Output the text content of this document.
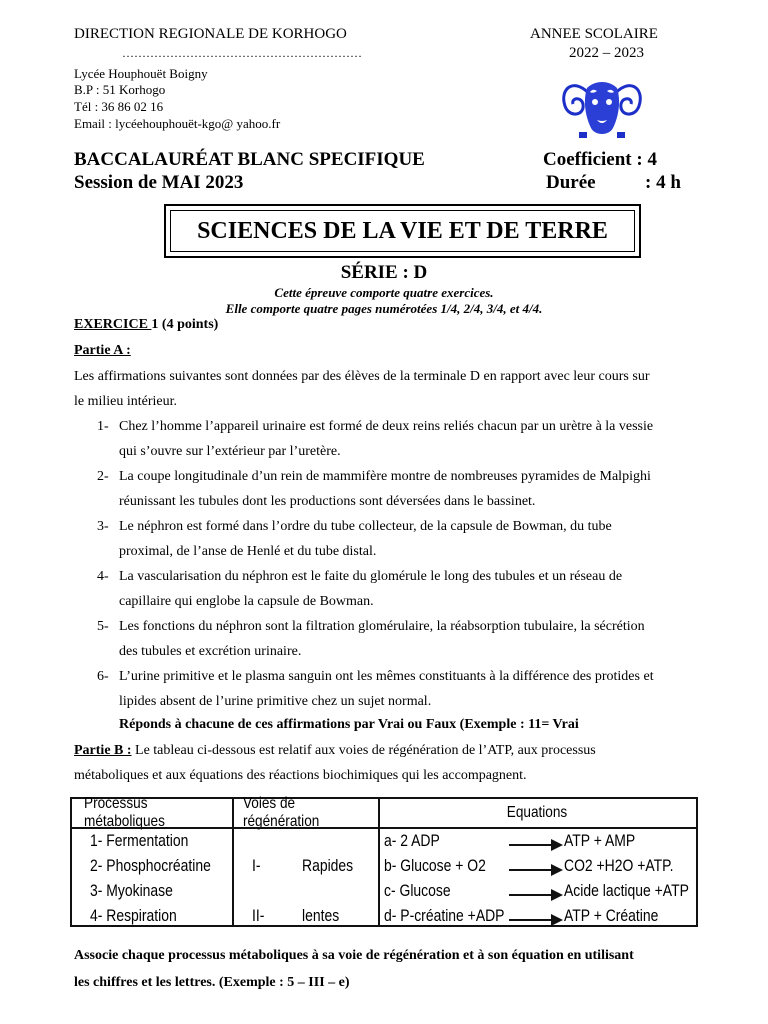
DIRECTION REGIONALE DE KORHOGO
……………………………………………………
ANNEE SCOLAIRE
2022 – 2023
Lycée Houphouët Boigny
B.P : 51 Korhogo
Tél : 36 86 02 16
Email : lycéehouphouët-kgo@ yahoo.fr
BACCALAURÉAT BLANC SPECIFIQUE
Session de MAI 2023
Coefficient : 4
Durée	: 4 h
SCIENCES DE LA VIE ET DE TERRE
SÉRIE : D
Cette épreuve comporte quatre exercices.
Elle comporte quatre pages numérotées 1/4, 2/4, 3/4, et 4/4.
EXERCICE 1 (4 points)
Partie A :
Les affirmations suivantes sont données par des élèves de la terminale D en rapport avec leur cours sur
le milieu intérieur.
1- Chez l’homme l’appareil urinaire est formé de deux reins reliés chacun par un urètre à la vessie
qui s’ouvre sur l’extérieur par l’uretère.
2- La coupe longitudinale d’un rein de mammifère montre de nombreuses pyramides de Malpighi
réunissant les tubules dont les productions sont déversées dans le bassinet.
3- Le néphron est formé dans l’ordre du tube collecteur, de la capsule de Bowman, du tube
proximal, de l’anse de Henlé et du tube distal.
4- La vascularisation du néphron est le faite du glomérule le long des tubules et un réseau de
capillaire qui englobe la capsule de Bowman.
5- Les fonctions du néphron sont la filtration glomérulaire, la réabsorption tubulaire, la sécrétion
des tubules et excrétion urinaire.
6- L’urine primitive et le plasma sanguin ont les mêmes constituants à la différence des protides et
lipides absent de l’urine primitive chez un sujet normal.
Réponds à chacune de ces affirmations par Vrai ou Faux (Exemple : 11= Vrai
Partie B : Le tableau ci-dessous est relatif aux voies de régénération de l’ATP, aux processus
métaboliques et aux équations des réactions biochimiques qui les accompagnent.
Processus métaboliques
Voies de régénération
Equations
1- Fermentation
2- Phosphocréatine
3- Myokinase
4- Respiration
I- Rapides
II- lentes
a- 2 ADP
b- Glucose + O2
c- Glucose
d- P-créatine +ADP
ATP + AMP
CO2 +H2O +ATP.
Acide lactique +ATP
ATP + Créatine
Associe chaque processus métaboliques à sa voie de régénération et à son équation en utilisant
les chiffres et les lettres. (Exemple : 5 – III – e)
